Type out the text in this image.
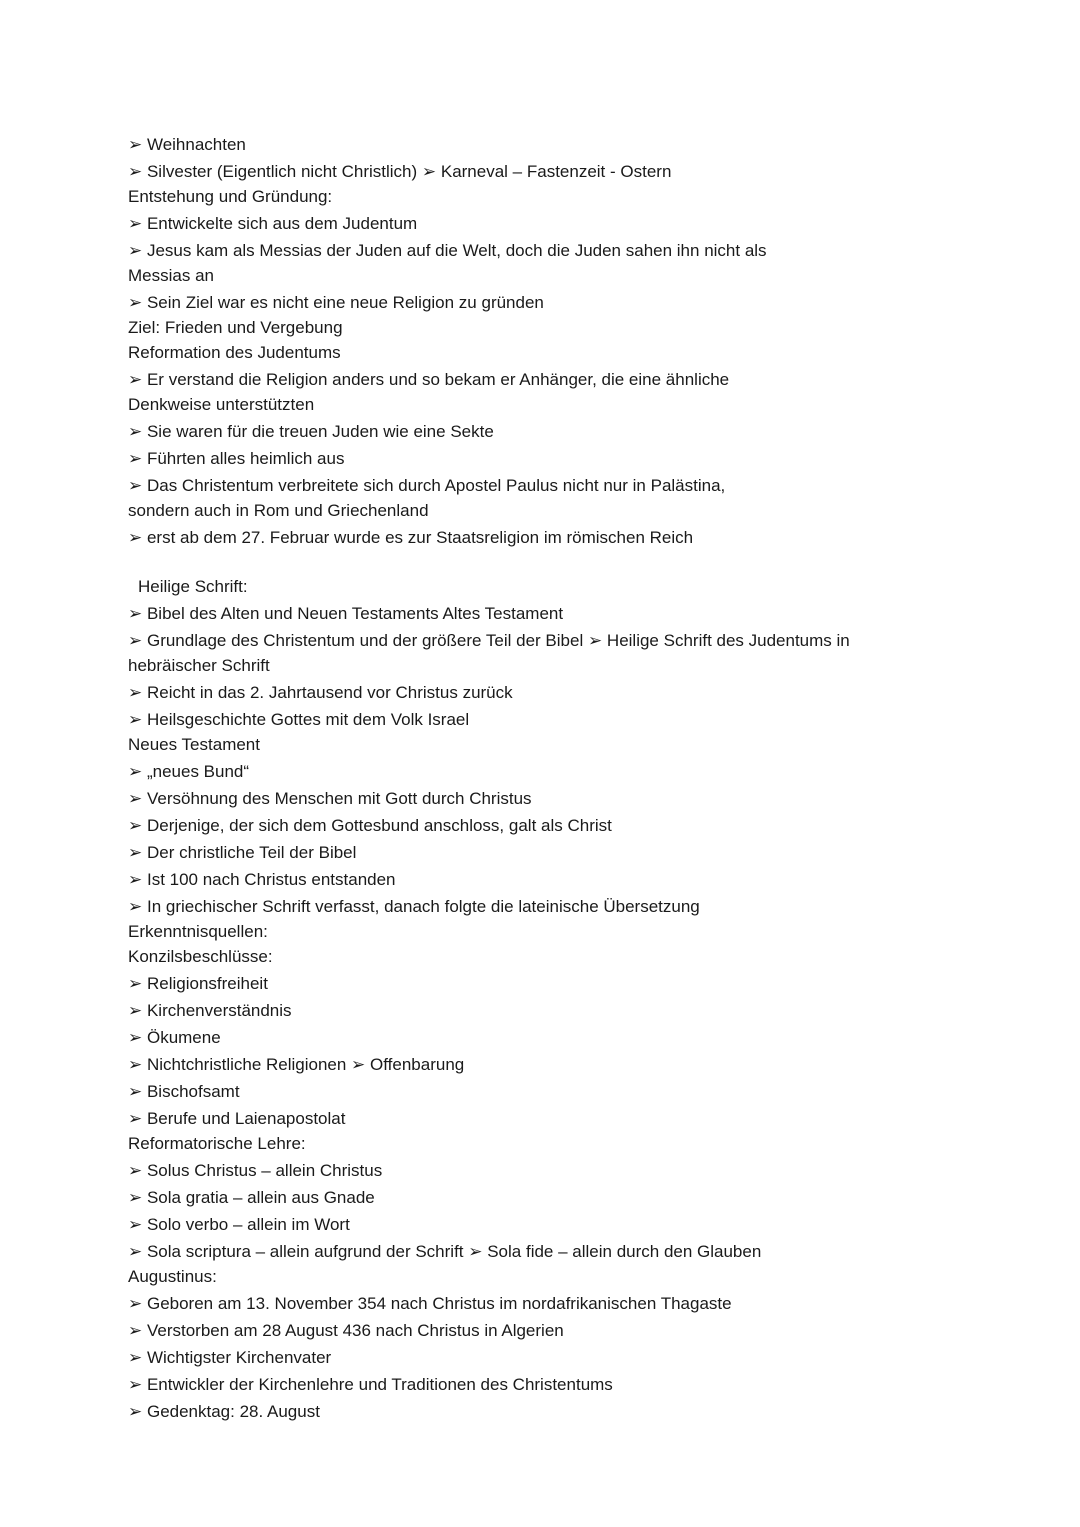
➢ Weihnachten
➢ Silvester (Eigentlich nicht Christlich) ➢ Karneval – Fastenzeit - Ostern
Entstehung und Gründung:
➢ Entwickelte sich aus dem Judentum
➢ Jesus kam als Messias der Juden auf die Welt, doch die Juden sahen ihn nicht als
Messias an
➢ Sein Ziel war es nicht eine neue Religion zu gründen
Ziel: Frieden und Vergebung
Reformation des Judentums
➢ Er verstand die Religion anders und so bekam er Anhänger, die eine ähnliche
Denkweise unterstützten
➢ Sie waren für die treuen Juden wie eine Sekte
➢ Führten alles heimlich aus
➢ Das Christentum verbreitete sich durch Apostel Paulus nicht nur in Palästina,
sondern auch in Rom und Griechenland
➢ erst ab dem 27. Februar wurde es zur Staatsreligion im römischen Reich
Heilige Schrift:
➢ Bibel des Alten und Neuen Testaments Altes Testament
➢ Grundlage des Christentum und der größere Teil der Bibel ➢ Heilige Schrift des Judentums in
hebräischer Schrift
➢ Reicht in das 2. Jahrtausend vor Christus zurück
➢ Heilsgeschichte Gottes mit dem Volk Israel
Neues Testament
➢ „neues Bund“
➢ Versöhnung des Menschen mit Gott durch Christus
➢ Derjenige, der sich dem Gottesbund anschloss, galt als Christ
➢ Der christliche Teil der Bibel
➢ Ist 100 nach Christus entstanden
➢ In griechischer Schrift verfasst, danach folgte die lateinische Übersetzung
Erkenntnisquellen:
Konzilsbeschlüsse:
➢ Religionsfreiheit
➢ Kirchenverständnis
➢ Ökumene
➢ Nichtchristliche Religionen ➢ Offenbarung
➢ Bischofsamt
➢ Berufe und Laienapostolat
Reformatorische Lehre:
➢ Solus Christus – allein Christus
➢ Sola gratia – allein aus Gnade
➢ Solo verbo – allein im Wort
➢ Sola scriptura – allein aufgrund der Schrift ➢ Sola fide – allein durch den Glauben
Augustinus:
➢ Geboren am 13. November 354 nach Christus im nordafrikanischen Thagaste
➢ Verstorben am 28 August 436 nach Christus in Algerien
➢ Wichtigster Kirchenvater
➢ Entwickler der Kirchenlehre und Traditionen des Christentums
➢ Gedenktag: 28. August
